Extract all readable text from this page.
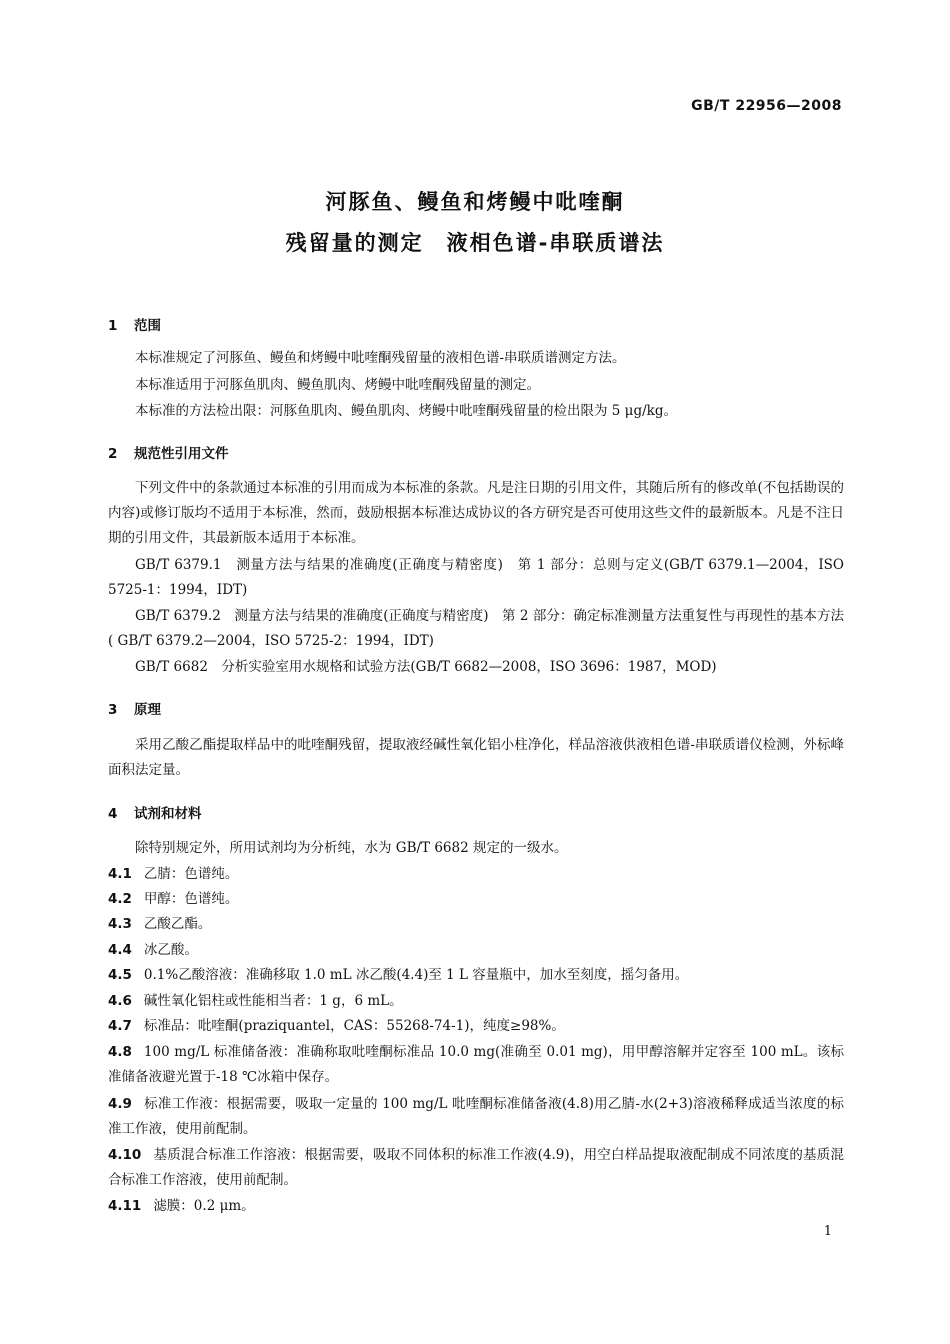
GB/T 22956—2008
河豚鱼、鳗鱼和烤鳗中吡喹酮
残留量的测定　液相色谱-串联质谱法
1 范围
本标准规定了河豚鱼、鳗鱼和烤鳗中吡喹酮残留量的液相色谱-串联质谱测定方法。
本标准适用于河豚鱼肌肉、鳗鱼肌肉、烤鳗中吡喹酮残留量的测定。
本标准的方法检出限：河豚鱼肌肉、鳗鱼肌肉、烤鳗中吡喹酮残留量的检出限为 5 μg/kg。
2 规范性引用文件
下列文件中的条款通过本标准的引用而成为本标准的条款。凡是注日期的引用文件，其随后所有的修改单(不包括勘误的内容)或修订版均不适用于本标准，然而，鼓励根据本标准达成协议的各方研究是否可使用这些文件的最新版本。凡是不注日期的引用文件，其最新版本适用于本标准。
GB/T 6379.1　测量方法与结果的准确度(正确度与精密度)　第 1 部分：总则与定义(GB/T 6379.1—2004，ISO 5725-1：1994，IDT)
GB/T 6379.2　测量方法与结果的准确度(正确度与精密度)　第 2 部分：确定标准测量方法重复性与再现性的基本方法( GB/T 6379.2—2004，ISO 5725-2：1994，IDT)
GB/T 6682　分析实验室用水规格和试验方法(GB/T 6682—2008，ISO 3696：1987，MOD)
3 原理
采用乙酸乙酯提取样品中的吡喹酮残留，提取液经碱性氧化铝小柱净化，样品溶液供液相色谱-串联质谱仪检测，外标峰面积法定量。
4 试剂和材料
除特别规定外，所用试剂均为分析纯，水为 GB/T 6682 规定的一级水。
4.1 乙腈：色谱纯。
4.2 甲醇：色谱纯。
4.3 乙酸乙酯。
4.4 冰乙酸。
4.5 0.1%乙酸溶液：准确移取 1.0 mL 冰乙酸(4.4)至 1 L 容量瓶中，加水至刻度，摇匀备用。
4.6 碱性氧化铝柱或性能相当者：1 g，6 mL。
4.7 标准品：吡喹酮(praziquantel，CAS：55268-74-1)，纯度≥98%。
4.8 100 mg/L 标准储备液：准确称取吡喹酮标准品 10.0 mg(准确至 0.01 mg)，用甲醇溶解并定容至 100 mL。该标准储备液避光置于-18 ℃冰箱中保存。
4.9 标准工作液：根据需要，吸取一定量的 100 mg/L 吡喹酮标准储备液(4.8)用乙腈-水(2+3)溶液稀释成适当浓度的标准工作液，使用前配制。
4.10 基质混合标准工作溶液：根据需要，吸取不同体积的标准工作液(4.9)，用空白样品提取液配制成不同浓度的基质混合标准工作溶液，使用前配制。
4.11 滤膜：0.2 μm。
1
